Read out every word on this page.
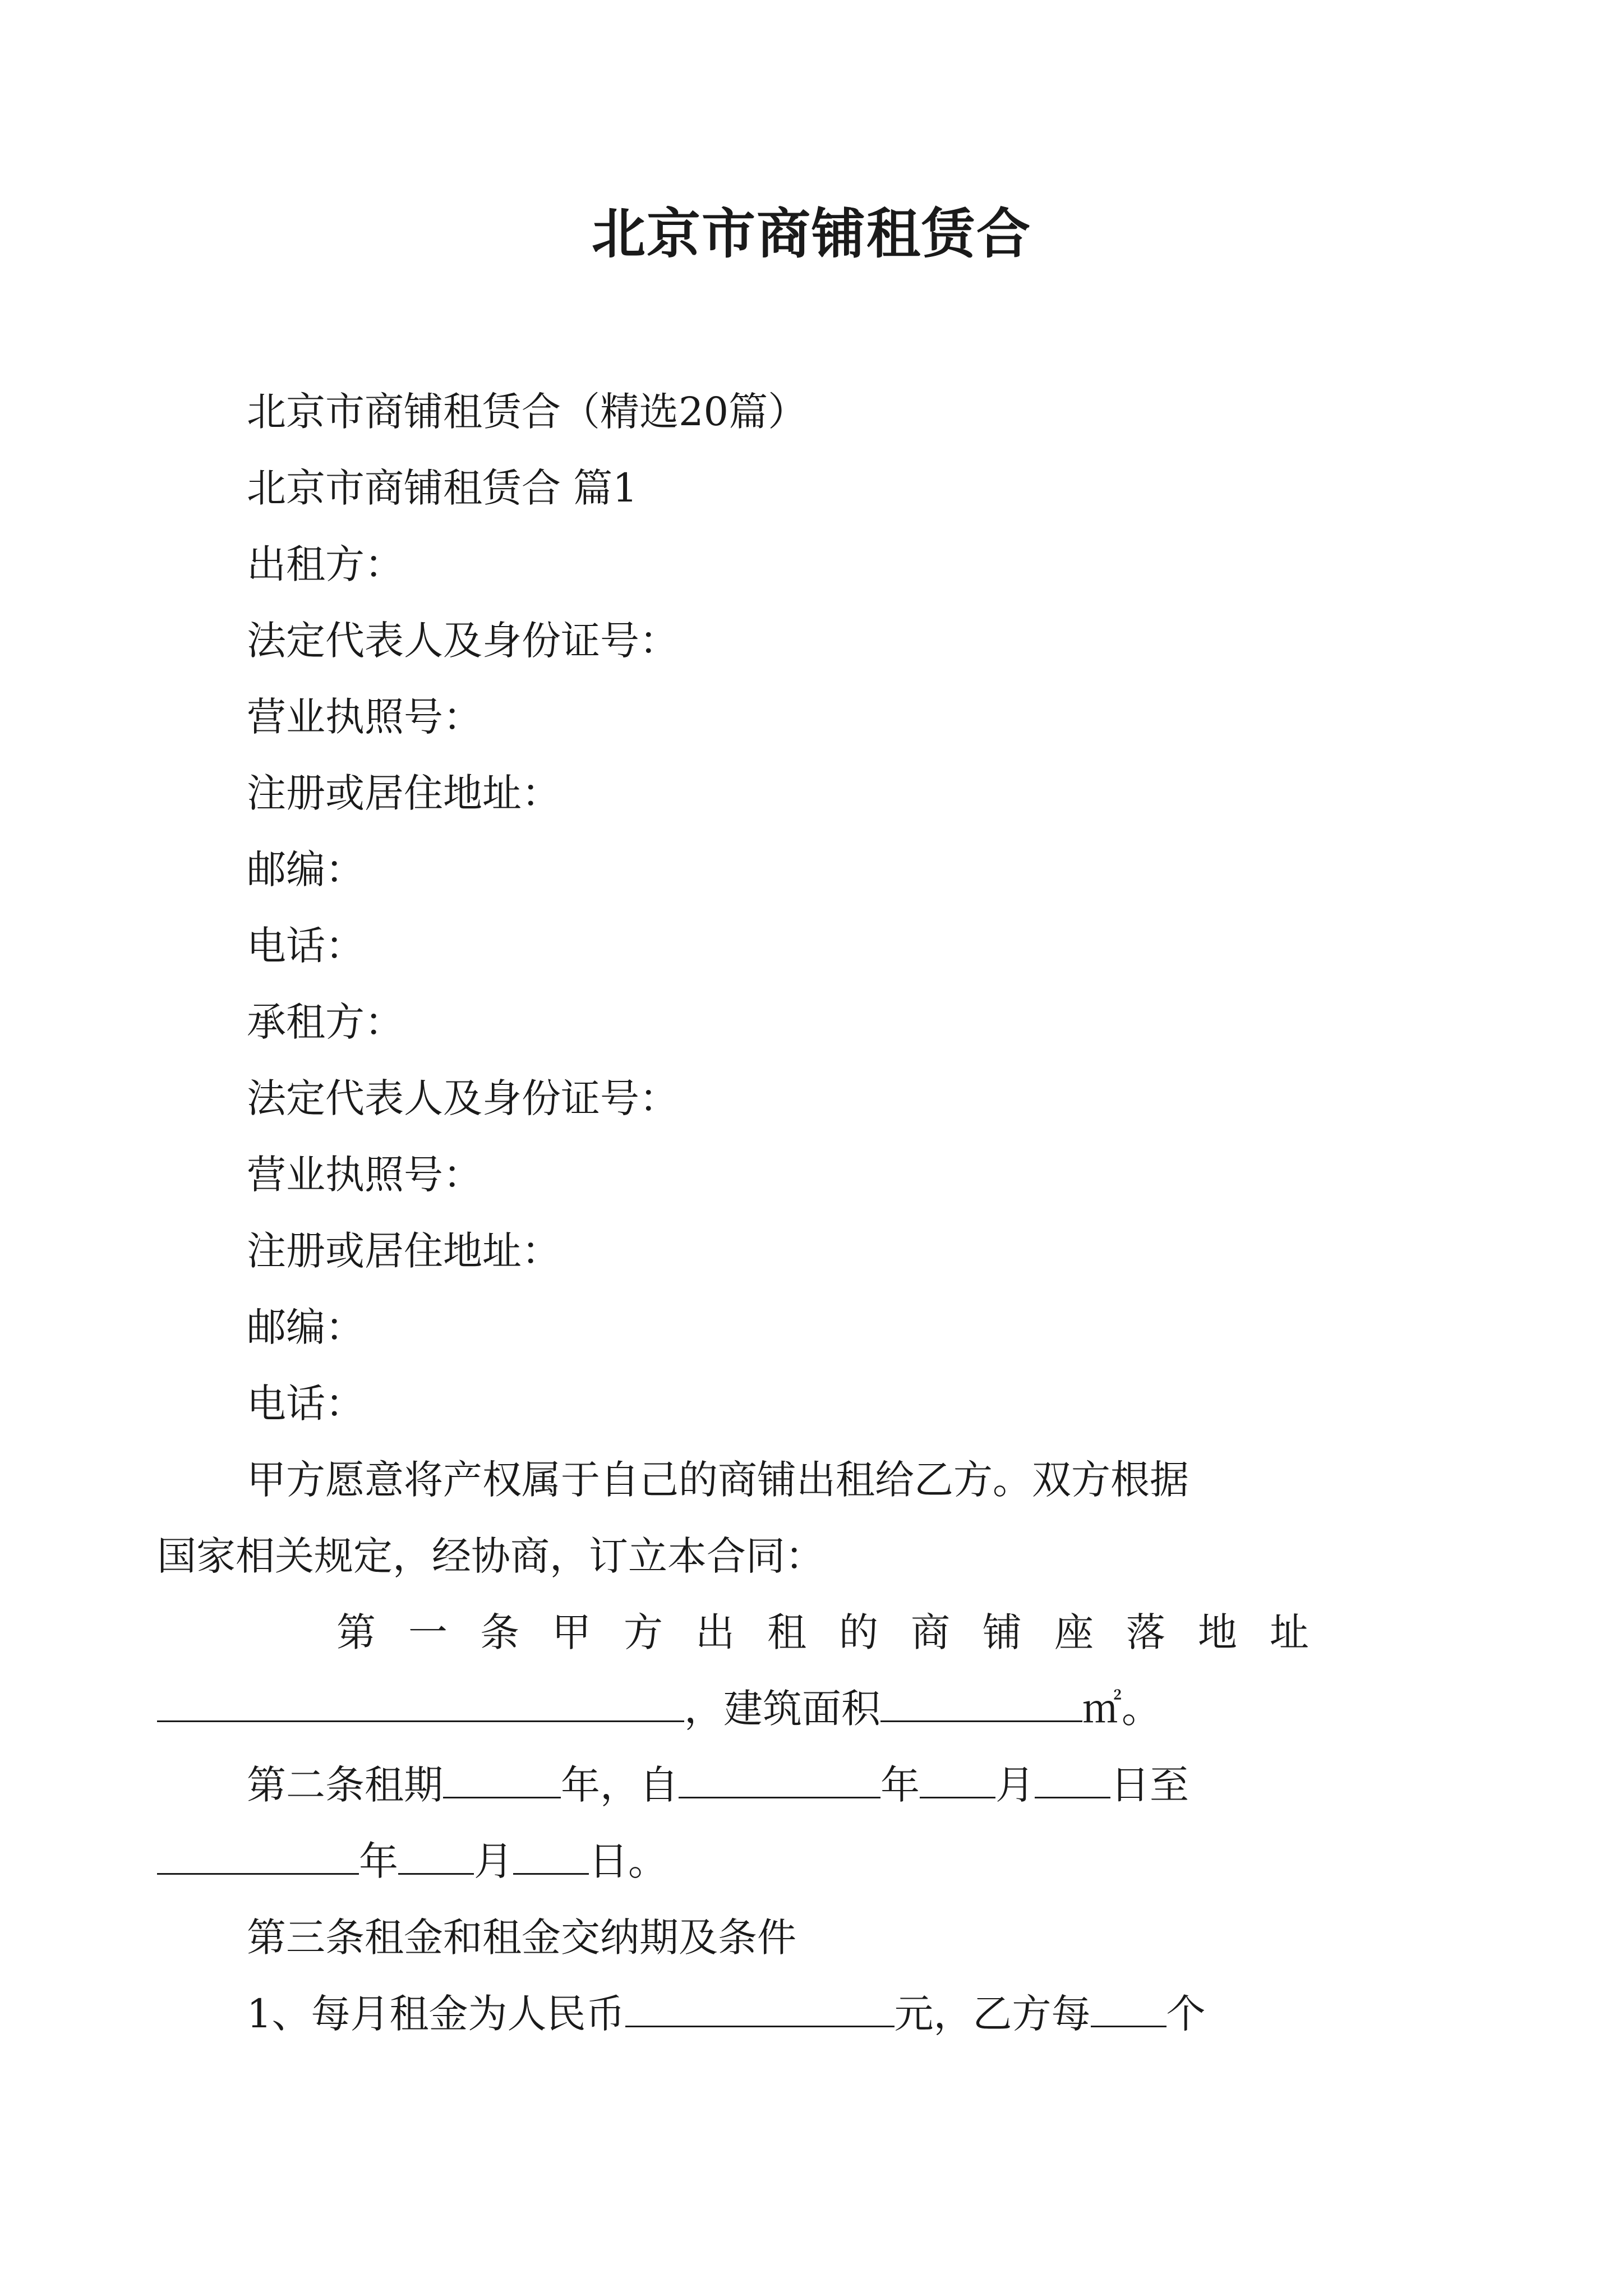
北京市商铺租赁合
北京市商铺租赁合（精选20篇）
北京市商铺租赁合 篇1
出租方：
法定代表人及身份证号：
营业执照号：
注册或居住地址：
邮编：
电话：
承租方：
法定代表人及身份证号：
营业执照号：
注册或居住地址：
邮编：
电话：
甲方愿意将产权属于自己的商铺出租给乙方。双方根据
国家相关规定，经协商，订立本合同：
第一条甲方出租的商铺座落地址
，建筑面积	㎡。
第二条租期	年，自	年 月 日至
年 月 日。
第三条租金和租金交纳期及条件
1、每月租金为人民币	元，乙方每 个
